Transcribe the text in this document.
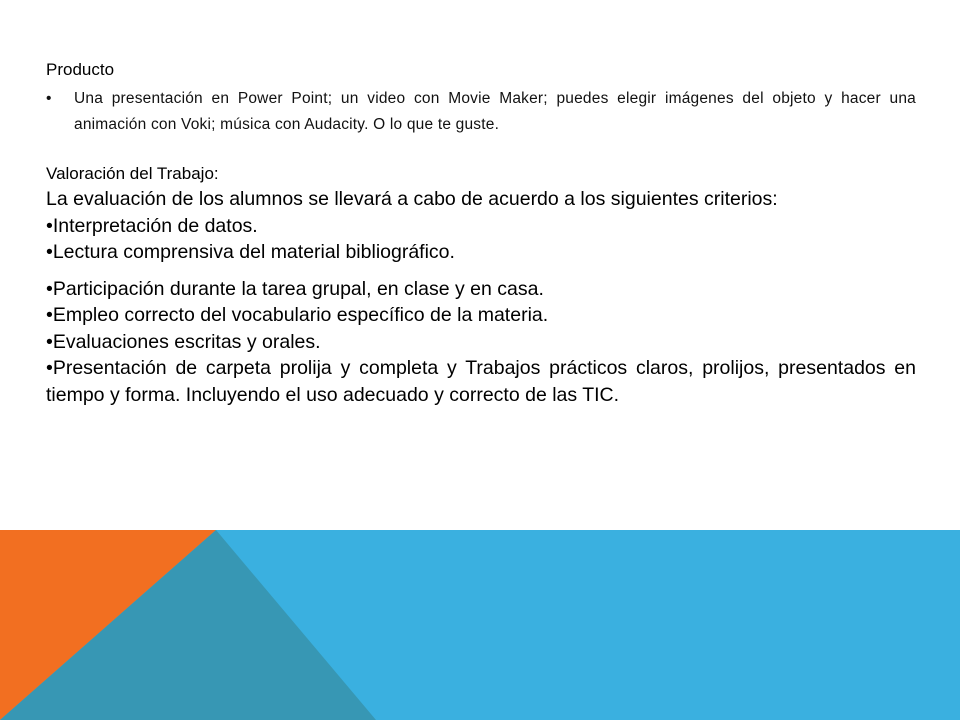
Producto
• Una presentación en Power Point; un video con Movie Maker; puedes elegir imágenes del objeto y hacer una animación con Voki; música con Audacity. O lo que te guste.
Valoración del Trabajo:

La evaluación de los alumnos se llevará a cabo de acuerdo a los siguientes criterios:

•Interpretación de datos.
•Lectura comprensiva del material bibliográfico.
•Participación durante la tarea grupal, en clase y en casa.
•Empleo correcto del vocabulario específico de la materia.
•Evaluaciones escritas y orales.
•Presentación de carpeta prolija y completa y Trabajos prácticos claros, prolijos, presentados en tiempo y forma. Incluyendo el uso adecuado y correcto de las TIC.
